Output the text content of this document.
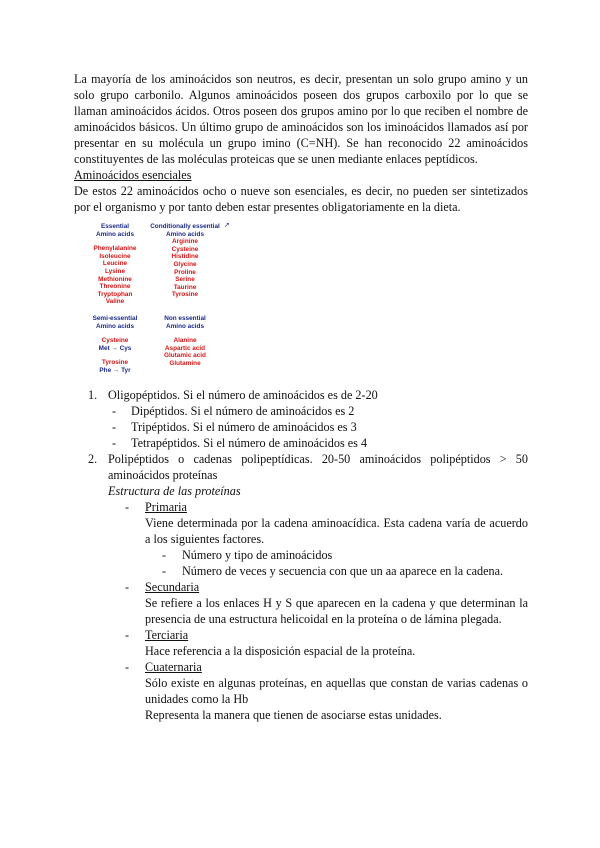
La mayoría de los aminoácidos son neutros, es decir, presentan un solo grupo amino y un solo grupo carbonilo. Algunos aminoácidos poseen dos grupos carboxilo por lo que se llaman aminoácidos ácidos. Otros poseen dos grupos amino por lo que reciben el nombre de aminoácidos básicos. Un último grupo de aminoácidos son los iminoácidos llamados así por presentar en su molécula un grupo imino (C=NH). Se han reconocido 22 aminoácidos constituyentes de las moléculas proteicas que se unen mediante enlaces peptídicos.

Aminoácidos esenciales

De estos 22 aminoácidos ocho o nueve son esenciales, es decir, no pueden ser sintetizados por el organismo y por tanto deben estar presentes obligatoriamente en la dieta.

➚
Essential
Amino acids
Phenylalanine
Isoleucine
Leucine
Lysine
Methionine
Threonine
Tryptophan
Valine
Semi-essential
Amino acids
Cysteine
Met → Cys
Tyrosine
Phe → Tyr
Conditionally essential
Amino acids
Arginine
Cysteine
Histidine
Glycine
Proline
Serine
Taurine
Tyrosine
Non essential
Amino acids
Alanine
Aspartic acid
Glutamic acid
Glutamine
1. Oligopéptidos. Si el número de aminoácidos es de 2-20
- Dipéptidos. Si el número de aminoácidos es 2
- Tripéptidos. Si el número de aminoácidos es 3
- Tetrapéptidos. Si el número de aminoácidos es 4
2. Polipéptidos o cadenas polipeptídicas. 20-50 aminoácidos polipéptidos > 50 aminoácidos proteínas

Estructura de las proteínas

- Primaria

Viene determinada por la cadena aminoacídica. Esta cadena varía de acuerdo a los siguientes factores.

- Número y tipo de aminoácidos
- Número de veces y secuencia con que un aa aparece en la cadena.
- Secundaria

Se refiere a los enlaces H y S que aparecen en la cadena y que determinan la presencia de una estructura helicoidal en la proteína o de lámina plegada.

- Terciaria

Hace referencia a la disposición espacial de la proteína.

- Cuaternaria

Sólo existe en algunas proteínas, en aquellas que constan de varias cadenas o unidades como la Hb

Representa la manera que tienen de asociarse estas unidades.
